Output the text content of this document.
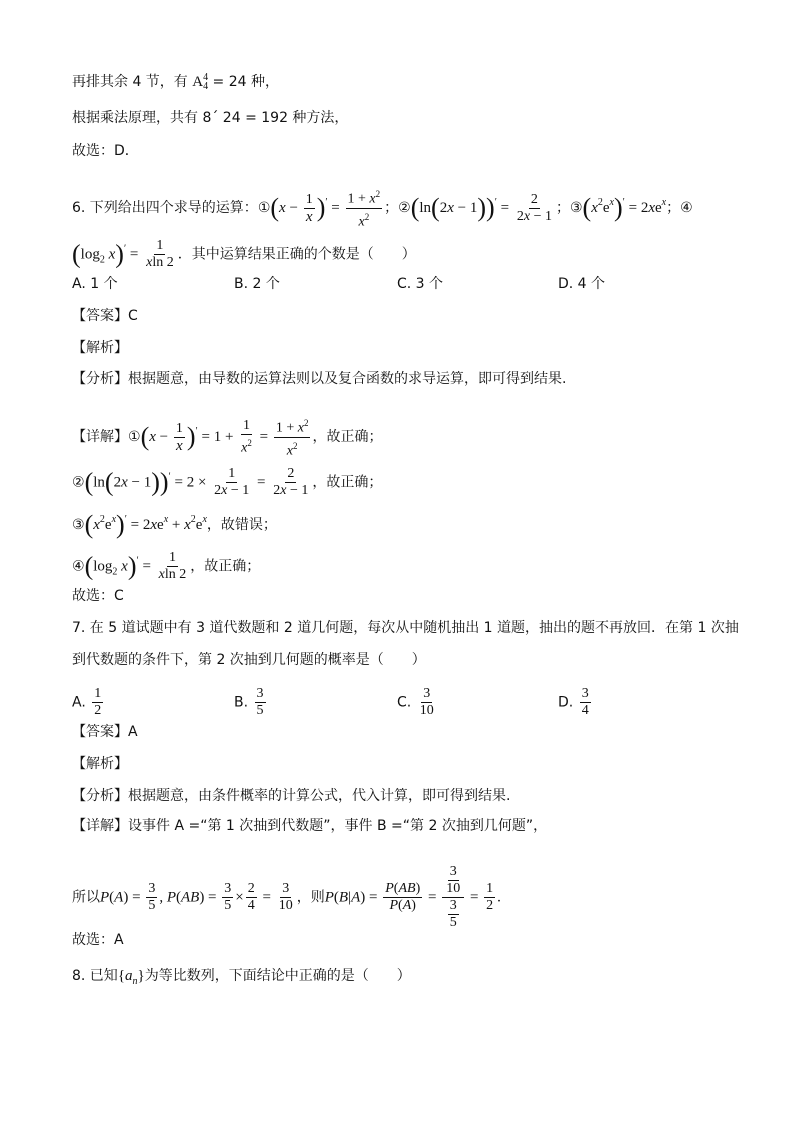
再排其余 4 节，有 A 4
4 = 24 种，
根据乘法原理，共有 8´ 24 = 192 种方法，
故选：D．
6. 下列给出四个求导的运算：①(x − $\frac{1}{x} )' = \frac{1 + x^2}{x^2}$ ；②(ln(2x − $1))' = \frac{2}{2x - 1}$ ；$③(x^2e^x)' = 2xe^x$；④
($\log_2$ $x)' = \frac{1}{xln 2}$ ．其中运算结果正确的个数是（　　）
A. 1 个	B. 2 个	C. 3 个	D. 4 个
【答案】C
【解析】
【分析】根据题意，由导数的运算法则以及复合函数的求导运算，即可得到结果.
【详解】①(x − $\frac{1}{x} )' = 1 + \frac{1}{x^2} = \frac{1 + x^2}{x^2}$ ，故正确；
②(ln(2x − $1))' = 2 \times \frac{1}{2x - 1} = \frac{2}{2x - 1}$ ，故正确；
$③(x^2e^x)' = 2xe^x + x^2e^x$，故错误；
$④(\log_2$ $x)' = \frac{1}{xln 2}$ ，故正确；
故选：C
7. 在 5 道试题中有 3 道代数题和 2 道几何题，每次从中随机抽出 1 道题，抽出的题不再放回．在第 1 次抽
到代数题的条件下，第 2 次抽到几何题的概率是（　　）
A. $\frac{1}{2}$	B. $\frac{3}{5}$	C. $\frac{3}{10}$	D. $\frac{3}{4}$
【答案】A
【解析】
【分析】根据题意，由条件概率的计算公式，代入计算，即可得到结果.
【详解】设事件 A =“第 1 次抽到代数题”，事件 B =“第 2 次抽到几何题”，
所以$P(A) = \frac{3}{5}$ , $P(AB) = \frac{3}{5} \times \frac{2}{4} = \frac{3}{10}$ ，则$P(B|A) = \frac{P(AB)}{P(A)} = \frac{\frac{3}{10}}{\frac{3}{5}} = \frac{1}{2}$ .
故选：A
8. 已知$\{a_n\}$为等比数列，下面结论中正确的是（　　）
